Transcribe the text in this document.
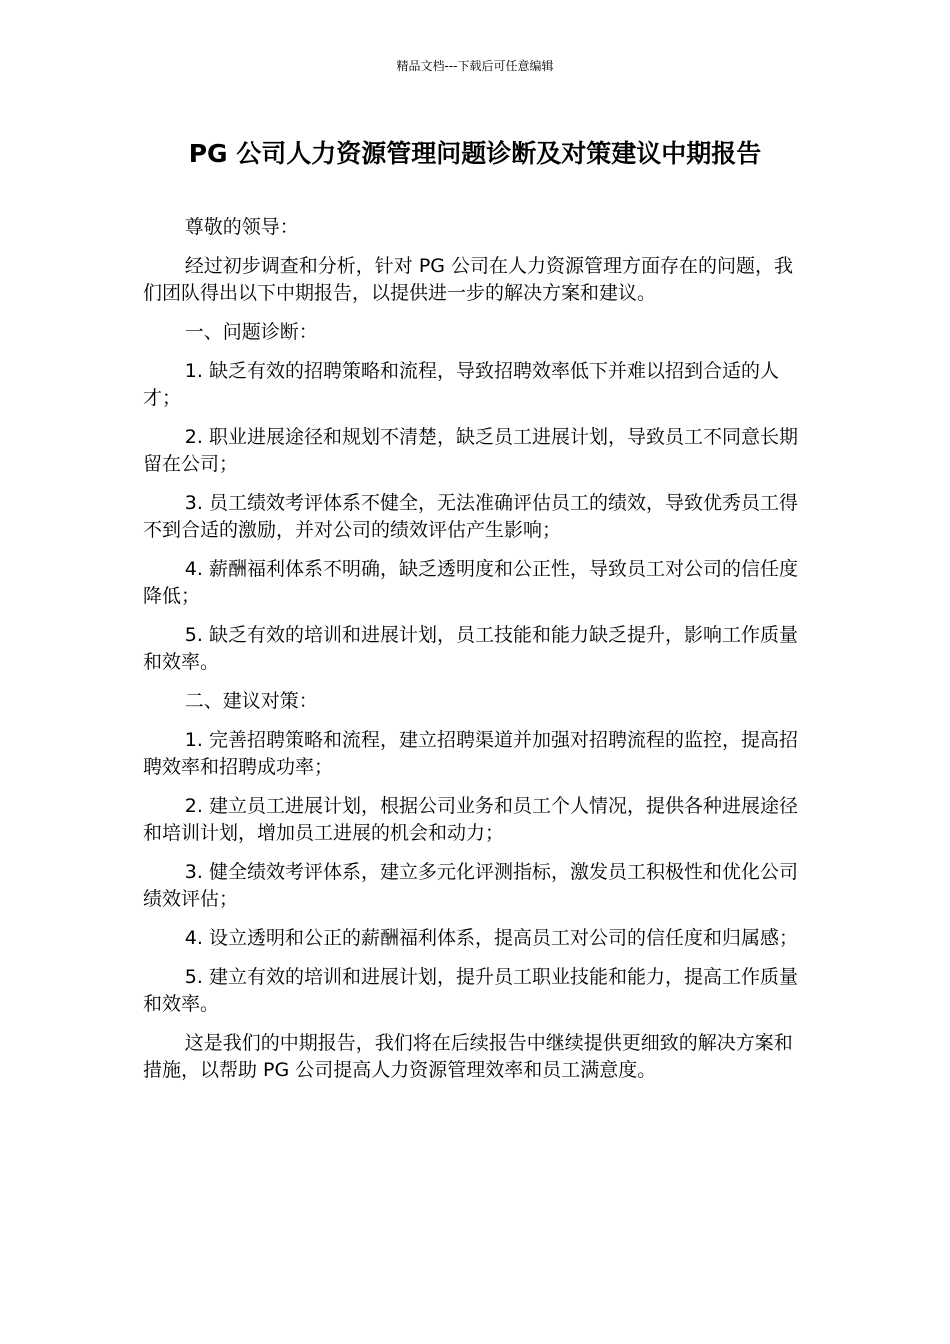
精品文档---下载后可任意编辑
PG 公司人力资源管理问题诊断及对策建议中期报告

尊敬的领导：

经过初步调查和分析，针对 PG 公司在人力资源管理方面存在的问题，我们团队得出以下中期报告，以提供进一步的解决方案和建议。

一、问题诊断：

1. 缺乏有效的招聘策略和流程，导致招聘效率低下并难以招到合适的人才；

2. 职业进展途径和规划不清楚，缺乏员工进展计划，导致员工不同意长期留在公司；

3. 员工绩效考评体系不健全，无法准确评估员工的绩效，导致优秀员工得不到合适的激励，并对公司的绩效评估产生影响；

4. 薪酬福利体系不明确，缺乏透明度和公正性，导致员工对公司的信任度降低；

5. 缺乏有效的培训和进展计划，员工技能和能力缺乏提升，影响工作质量和效率。

二、建议对策：

1. 完善招聘策略和流程，建立招聘渠道并加强对招聘流程的监控，提高招聘效率和招聘成功率；

2. 建立员工进展计划，根据公司业务和员工个人情况，提供各种进展途径和培训计划，增加员工进展的机会和动力；

3. 健全绩效考评体系，建立多元化评测指标，激发员工积极性和优化公司绩效评估；

4. 设立透明和公正的薪酬福利体系，提高员工对公司的信任度和归属感；

5. 建立有效的培训和进展计划，提升员工职业技能和能力，提高工作质量和效率。

这是我们的中期报告，我们将在后续报告中继续提供更细致的解决方案和措施，以帮助 PG 公司提高人力资源管理效率和员工满意度。
